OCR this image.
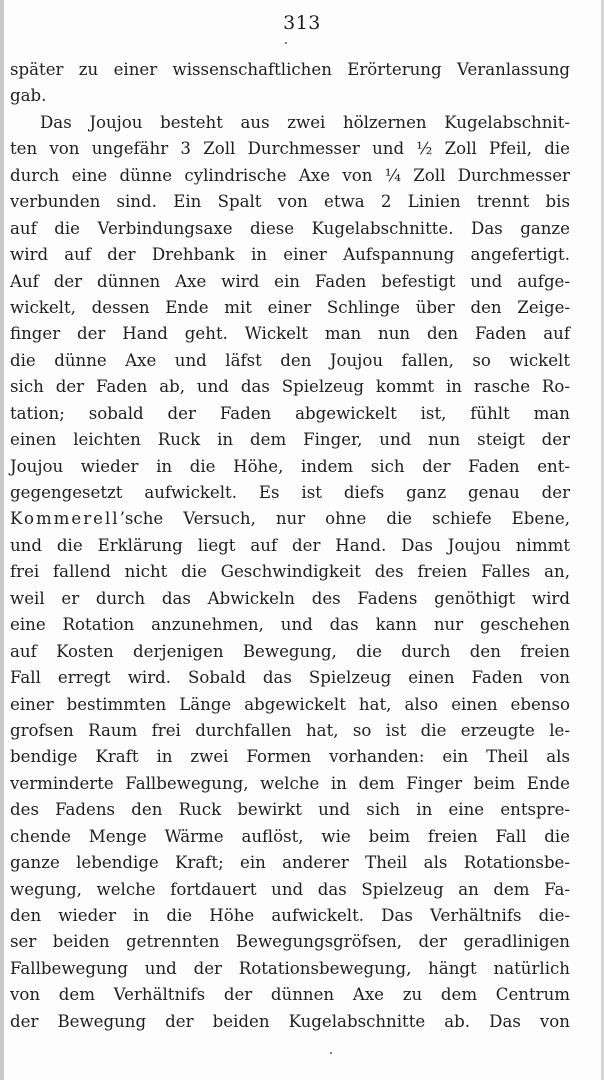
313
später zu einer wissenschaftlichen Erörterung Veranlassung
gab.
Das Joujou besteht aus zwei hölzernen Kugelabschnit-
ten von ungefähr 3 Zoll Durchmesser und ½ Zoll Pfeil, die
durch eine dünne cylindrische Axe von ¼ Zoll Durchmesser
verbunden sind. Ein Spalt von etwa 2 Linien trennt bis
auf die Verbindungsaxe diese Kugelabschnitte. Das ganze
wird auf der Drehbank in einer Aufspannung angefertigt.
Auf der dünnen Axe wird ein Faden befestigt und aufge-
wickelt, dessen Ende mit einer Schlinge über den Zeige-
finger der Hand geht. Wickelt man nun den Faden auf
die dünne Axe und läfst den Joujou fallen, so wickelt
sich der Faden ab, und das Spielzeug kommt in rasche Ro-
tation; sobald der Faden abgewickelt ist, fühlt man
einen leichten Ruck in dem Finger, und nun steigt der
Joujou wieder in die Höhe, indem sich der Faden ent-
gegengesetzt aufwickelt. Es ist diefs ganz genau der
Kommerell’sche Versuch, nur ohne die schiefe Ebene,
und die Erklärung liegt auf der Hand. Das Joujou nimmt
frei fallend nicht die Geschwindigkeit des freien Falles an,
weil er durch das Abwickeln des Fadens genöthigt wird
eine Rotation anzunehmen, und das kann nur geschehen
auf Kosten derjenigen Bewegung, die durch den freien
Fall erregt wird. Sobald das Spielzeug einen Faden von
einer bestimmten Länge abgewickelt hat, also einen ebenso
grofsen Raum frei durchfallen hat, so ist die erzeugte le-
bendige Kraft in zwei Formen vorhanden: ein Theil als
verminderte Fallbewegung, welche in dem Finger beim Ende
des Fadens den Ruck bewirkt und sich in eine entspre-
chende Menge Wärme auflöst, wie beim freien Fall die
ganze lebendige Kraft; ein anderer Theil als Rotationsbe-
wegung, welche fortdauert und das Spielzeug an dem Fa-
den wieder in die Höhe aufwickelt. Das Verhältnifs die-
ser beiden getrennten Bewegungsgröfsen, der geradlinigen
Fallbewegung und der Rotationsbewegung, hängt natürlich
von dem Verhältnifs der dünnen Axe zu dem Centrum
der Bewegung der beiden Kugelabschnitte ab. Das von
